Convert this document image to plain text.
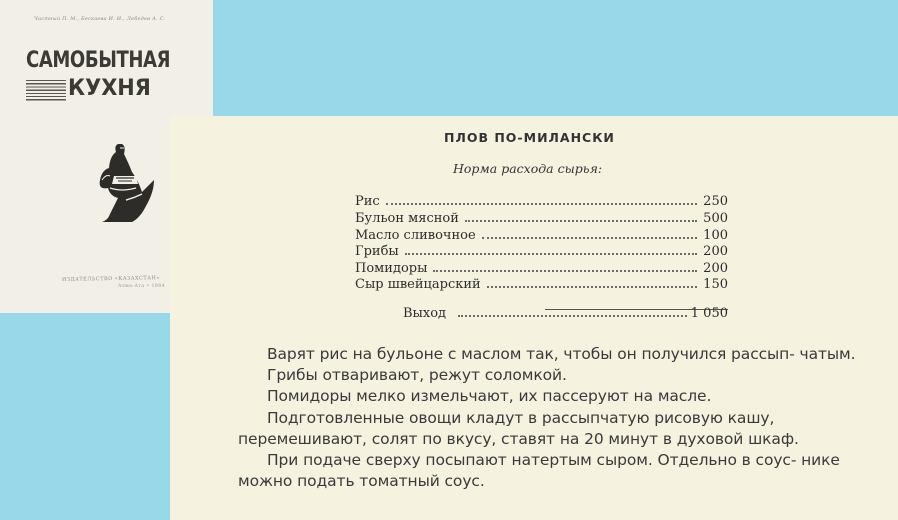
Частный П. М., Бескаева И. И., Лебедев А. С.
САМОБЫТНАЯ
КУХНЯ
ИЗДАТЕЛЬСТВО «КАЗАХСТАН»
Алма-Ата • 1984
ПЛОВ ПО-МИЛАНСКИ
Норма расхода сырья:
Рис	250
Бульон мясной	500
Масло сливочное	100
Грибы	200
Помидоры	200
Сыр швейцарский	150
Выход	1 050

Варят рис на бульоне с маслом так, чтобы он получился рассып- чатым.

Грибы отваривают, режут соломкой.

Помидоры мелко измельчают, их пассеруют на масле.

Подготовленные овощи кладут в рассыпчатую рисовую кашу, перемешивают, солят по вкусу, ставят на 20 минут в духовой шкаф.

При подаче сверху посыпают натертым сыром. Отдельно в соус- нике можно подать томатный соус.
